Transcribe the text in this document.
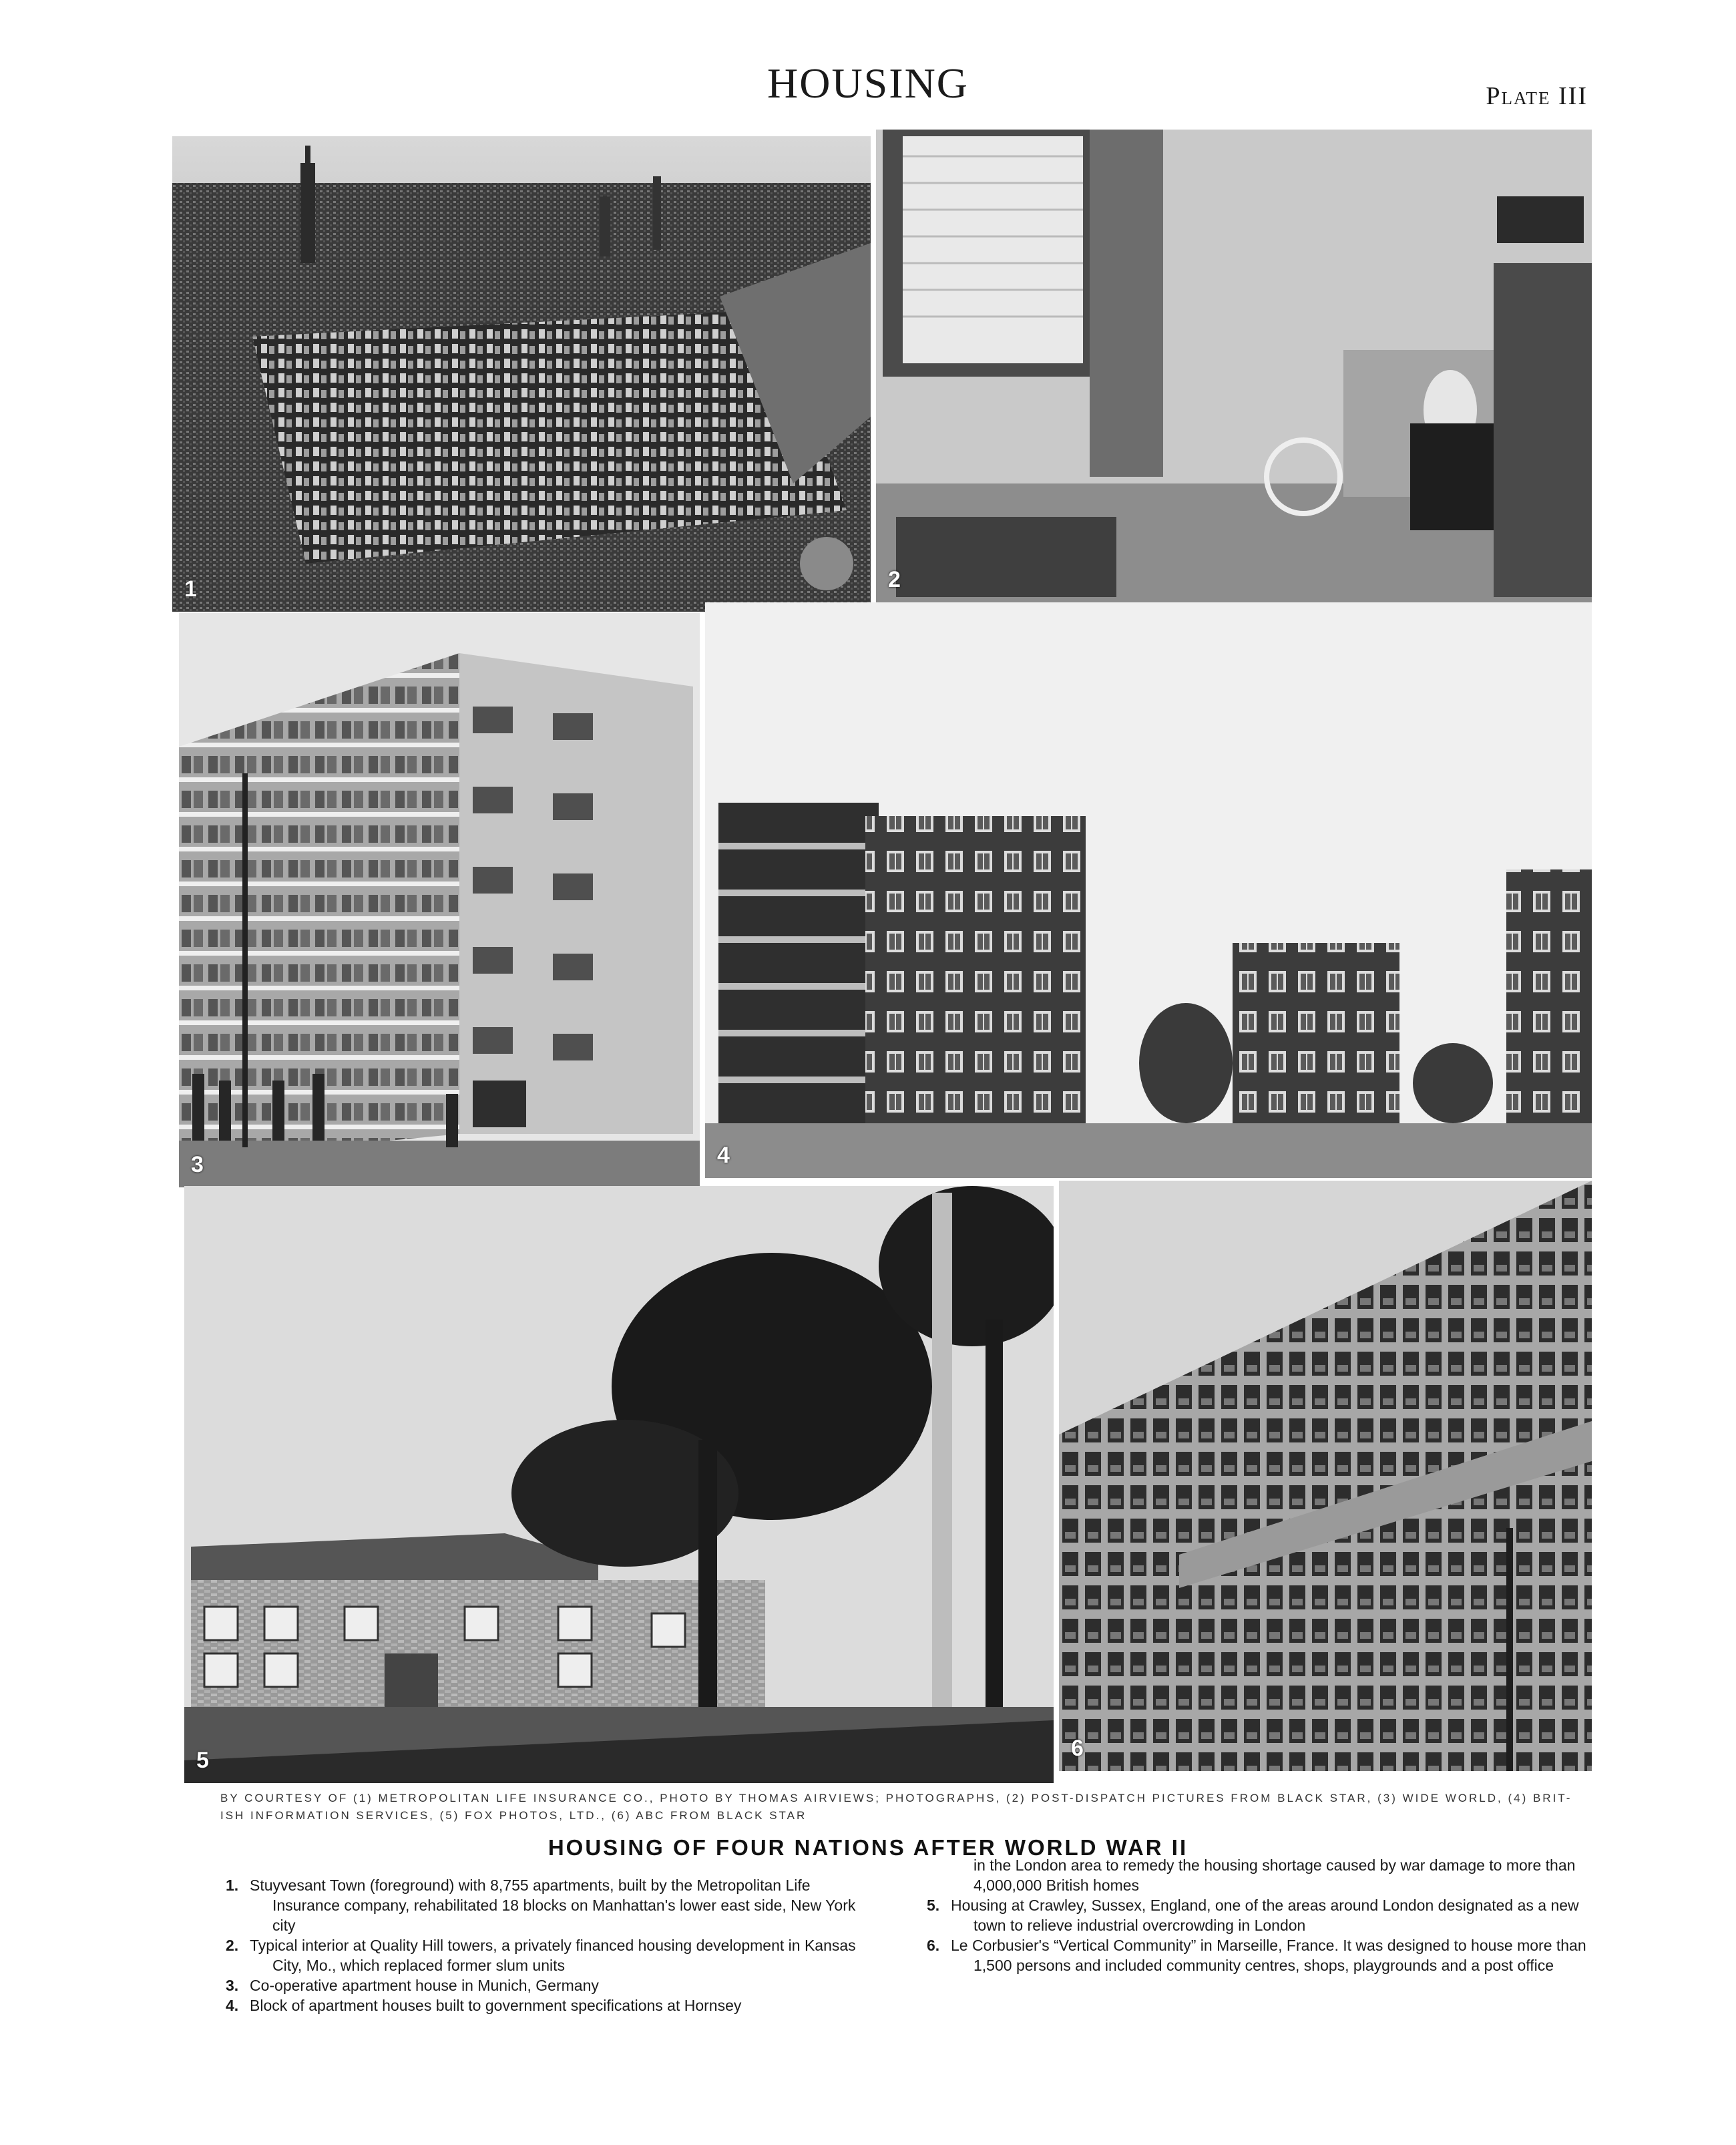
HOUSING	Plate III
1	2
3	4
5	6
BY COURTESY OF (1) METROPOLITAN LIFE INSURANCE CO., PHOTO BY THOMAS AIRVIEWS; PHOTOGRAPHS, (2) POST-DISPATCH PICTURES FROM BLACK STAR, (3) WIDE WORLD, (4) BRIT-
ISH INFORMATION SERVICES, (5) FOX PHOTOS, LTD., (6) ABC FROM BLACK STAR
HOUSING OF FOUR NATIONS AFTER WORLD WAR II

1. Stuyvesant Town (foreground) with 8,755 apartments, built by the Metropolitan Life Insurance company, rehabilitated 18 blocks on Manhattan's lower east side, New York city

2. Typical interior at Quality Hill towers, a privately financed housing development in Kansas City, Mo., which replaced former slum units

3. Co-operative apartment house in Munich, Germany

4. Block of apartment houses built to government specifications at Hornsey

in the London area to remedy the housing shortage caused by war damage to more than 4,000,000 British homes

5. Housing at Crawley, Sussex, England, one of the areas around London designated as a new town to relieve industrial overcrowding in London

6. Le Corbusier's “Vertical Community” in Marseille, France. It was designed to house more than 1,500 persons and included community centres, shops, playgrounds and a post office
